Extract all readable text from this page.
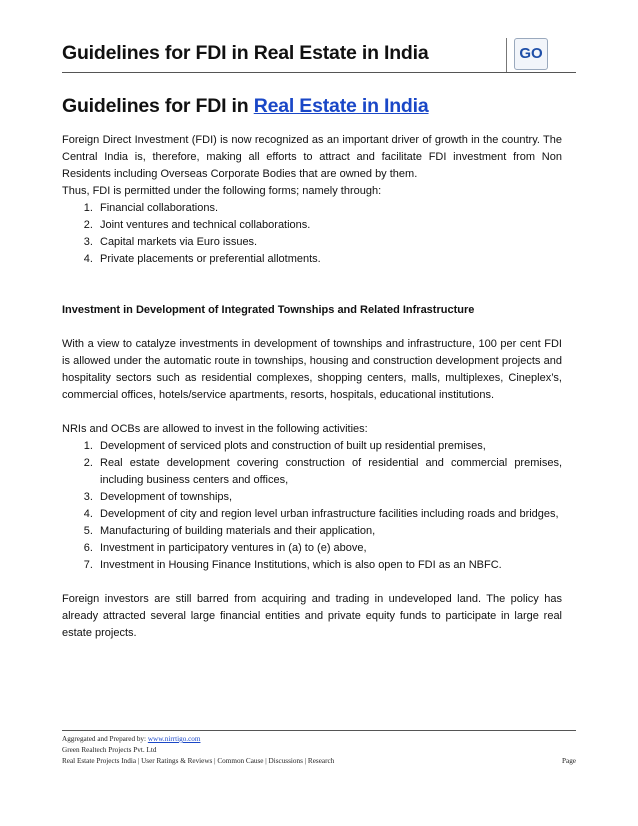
Guidelines for FDI in Real Estate in India	GO
Guidelines for FDI in Real Estate in India

Foreign Direct Investment (FDI) is now recognized as an important driver of growth in the country. The Central India is, therefore, making all efforts to attract and facilitate FDI investment from Non Residents including Overseas Corporate Bodies that are owned by them.

Thus, FDI is permitted under the following forms; namely through:

1. Financial collaborations.
2. Joint ventures and technical collaborations.
3. Capital markets via Euro issues.
4. Private placements or preferential allotments.

Investment in Development of Integrated Townships and Related Infrastructure

With a view to catalyze investments in development of townships and infrastructure, 100 per cent FDI is allowed under the automatic route in townships, housing and construction development projects and hospitality sectors such as residential complexes, shopping centers, malls, multiplexes, Cineplex’s, commercial offices, hotels/service apartments, resorts, hospitals, educational institutions.

NRIs and OCBs are allowed to invest in the following activities:

1. Development of serviced plots and construction of built up residential premises,
2. Real estate development covering construction of residential and commercial premises, including business centers and offices,
3. Development of townships,
4. Development of city and region level urban infrastructure facilities including roads and bridges,
5. Manufacturing of building materials and their application,
6. Investment in participatory ventures in (a) to (e) above,
7. Investment in Housing Finance Institutions, which is also open to FDI as an NBFC.

Foreign investors are still barred from acquiring and trading in undeveloped land. The policy has already attracted several large financial entities and private equity funds to participate in large real estate projects.

Aggregated and Prepared by: www.nirrtigo.com
Green Realtech Projects Pvt. Ltd
Real Estate Projects India | User Ratings & Reviews | Common Cause | Discussions | Research	Page
